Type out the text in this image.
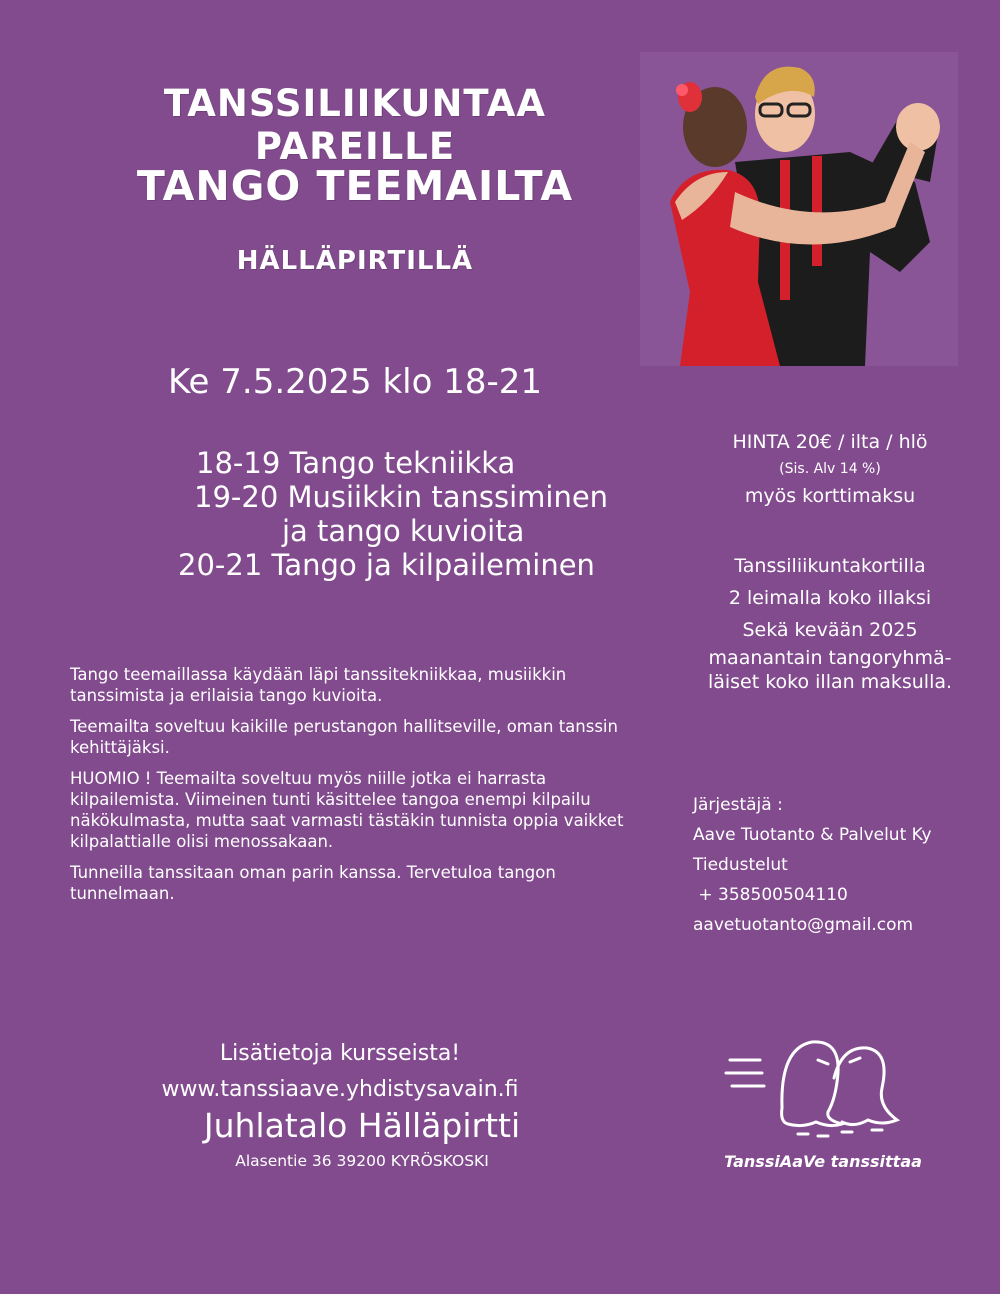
TANSSILIIKUNTAA PAREILLE
TANGO TEEMAILTA
HÄLLÄPIRTILLÄ
Ke 7.5.2025 klo 18-21
18-19 Tango tekniikka
19-20 Musiikkin tanssiminen
ja tango kuvioita
20-21 Tango ja kilpaileminen

Tango teemaillassa käydään läpi tanssitekniikkaa, musiikkin tanssimista ja erilaisia tango kuvioita.

Teemailta soveltuu kaikille perustangon hallitseville, oman tanssin kehittäjäksi.

HUOMIO ! Teemailta soveltuu myös niille jotka ei harrasta kilpailemista. Viimeinen tunti käsittelee tangoa enempi kilpailu näkökulmasta, mutta saat varmasti tästäkin tunnista oppia vaikket kilpalattialle olisi menossakaan.

Tunneilla tanssitaan oman parin kanssa. Tervetuloa tangon tunnelmaan.

HINTA 20€ / ilta / hlö
(Sis. Alv 14 %)
myös korttimaksu
Tanssiliikuntakortilla
2 leimalla koko illaksi
Sekä kevään 2025
maanantain tangoryhmä-
läiset koko illan maksulla.
Järjestäjä :
Aave Tuotanto & Palvelut Ky
Tiedustelut
+ 358500504110
aavetuotanto@gmail.com
Lisätietoja kursseista!
www.tanssiaave.yhdistysavain.fi
Juhlatalo Hälläpirtti
Alasentie 36 39200 KYRÖSKOSKI	TanssiAaVe tanssittaa
